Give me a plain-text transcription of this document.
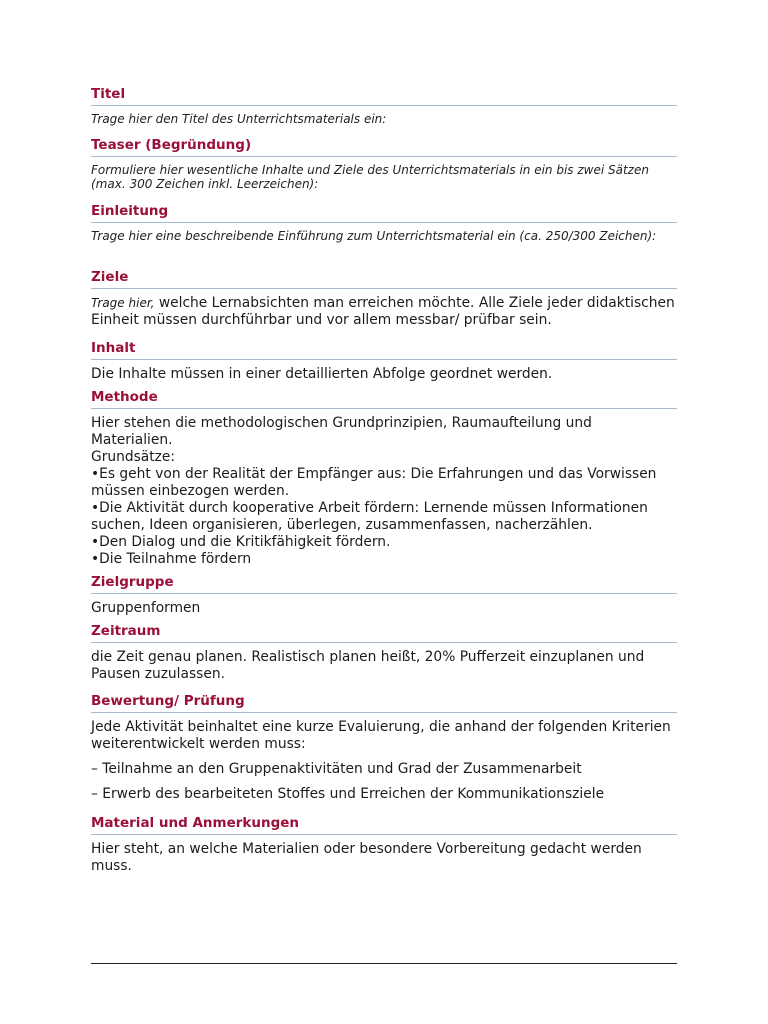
Titel
Trage hier den Titel des Unterrichtsmaterials ein:
Teaser (Begründung)
Formuliere hier wesentliche Inhalte und Ziele des Unterrichtsmaterials in ein bis zwei Sätzen (max. 300 Zeichen inkl. Leerzeichen):
Einleitung
Trage hier eine beschreibende Einführung zum Unterrichtsmaterial ein (ca. 250/300 Zeichen):
Ziele
Trage hier, welche Lernabsichten man erreichen möchte. Alle Ziele jeder didaktischen Einheit müssen durchführbar und vor allem messbar/ prüfbar sein.
Inhalt
Die Inhalte müssen in einer detaillierten Abfolge geordnet werden.
Methode
Hier stehen die methodologischen Grundprinzipien, Raumaufteilung und Materialien.
Grundsätze:
•Es geht von der Realität der Empfänger aus: Die Erfahrungen und das Vorwissen müssen einbezogen werden.
•Die Aktivität durch kooperative Arbeit fördern: Lernende müssen Informationen suchen, Ideen organisieren, überlegen, zusammenfassen, nacherzählen.
•Den Dialog und die Kritikfähigkeit fördern.
•Die Teilnahme fördern
Zielgruppe
Gruppenformen
Zeitraum
die Zeit genau planen. Realistisch planen heißt, 20% Pufferzeit einzuplanen und Pausen zuzulassen.
Bewertung/ Prüfung
Jede Aktivität beinhaltet eine kurze Evaluierung, die anhand der folgenden Kriterien weiterentwickelt werden muss:
– Teilnahme an den Gruppenaktivitäten und Grad der Zusammenarbeit
– Erwerb des bearbeiteten Stoffes und Erreichen der Kommunikationsziele
Material und Anmerkungen
Hier steht, an welche Materialien oder besondere Vorbereitung gedacht werden muss.
